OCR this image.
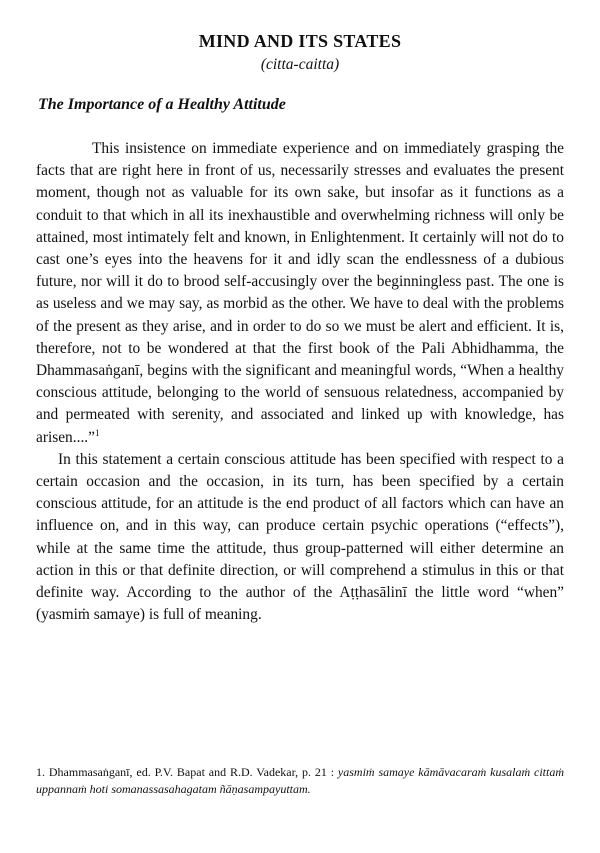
MIND AND ITS STATES
(citta-caitta)
The Importance of a Healthy Attitude

This insistence on immediate experience and on immediately grasping the facts that are right here in front of us, necessarily stresses and evaluates the present moment, though not as valuable for its own sake, but insofar as it functions as a conduit to that which in all its inexhaustible and overwhelming richness will only be attained, most intimately felt and known, in Enlightenment. It certainly will not do to cast one’s eyes into the heavens for it and idly scan the endlessness of a dubious future, nor will it do to brood self-accusingly over the beginningless past. The one is as useless and we may say, as morbid as the other. We have to deal with the problems of the present as they arise, and in order to do so we must be alert and efficient. It is, therefore, not to be wondered at that the first book of the Pali Abhidhamma, the Dhammasaṅganī, begins with the significant and meaningful words, “When a healthy conscious attitude, belonging to the world of sensuous relatedness, accompanied by and permeated with serenity, and associated and linked up with knowledge, has arisen....”$^1$

In this statement a certain conscious attitude has been specified with respect to a certain occasion and the occasion, in its turn, has been specified by a certain conscious attitude, for an attitude is the end product of all factors which can have an influence on, and in this way, can produce certain psychic operations (“effects”), while at the same time the attitude, thus group-patterned will either determine an action in this or that definite direction, or will comprehend a stimulus in this or that definite way. According to the author of the Aṭṭhasālinī the little word “when” (yasmiṁ samaye) is full of meaning.

1. Dhammasaṅganī, ed. P.V. Bapat and R.D. Vadekar, p. 21 : yasmiṁ samaye kāmāvacaraṁ kusalaṁ cittaṁ uppannaṁ hoti somanassasahagatam ñāṇasampayuttam.
